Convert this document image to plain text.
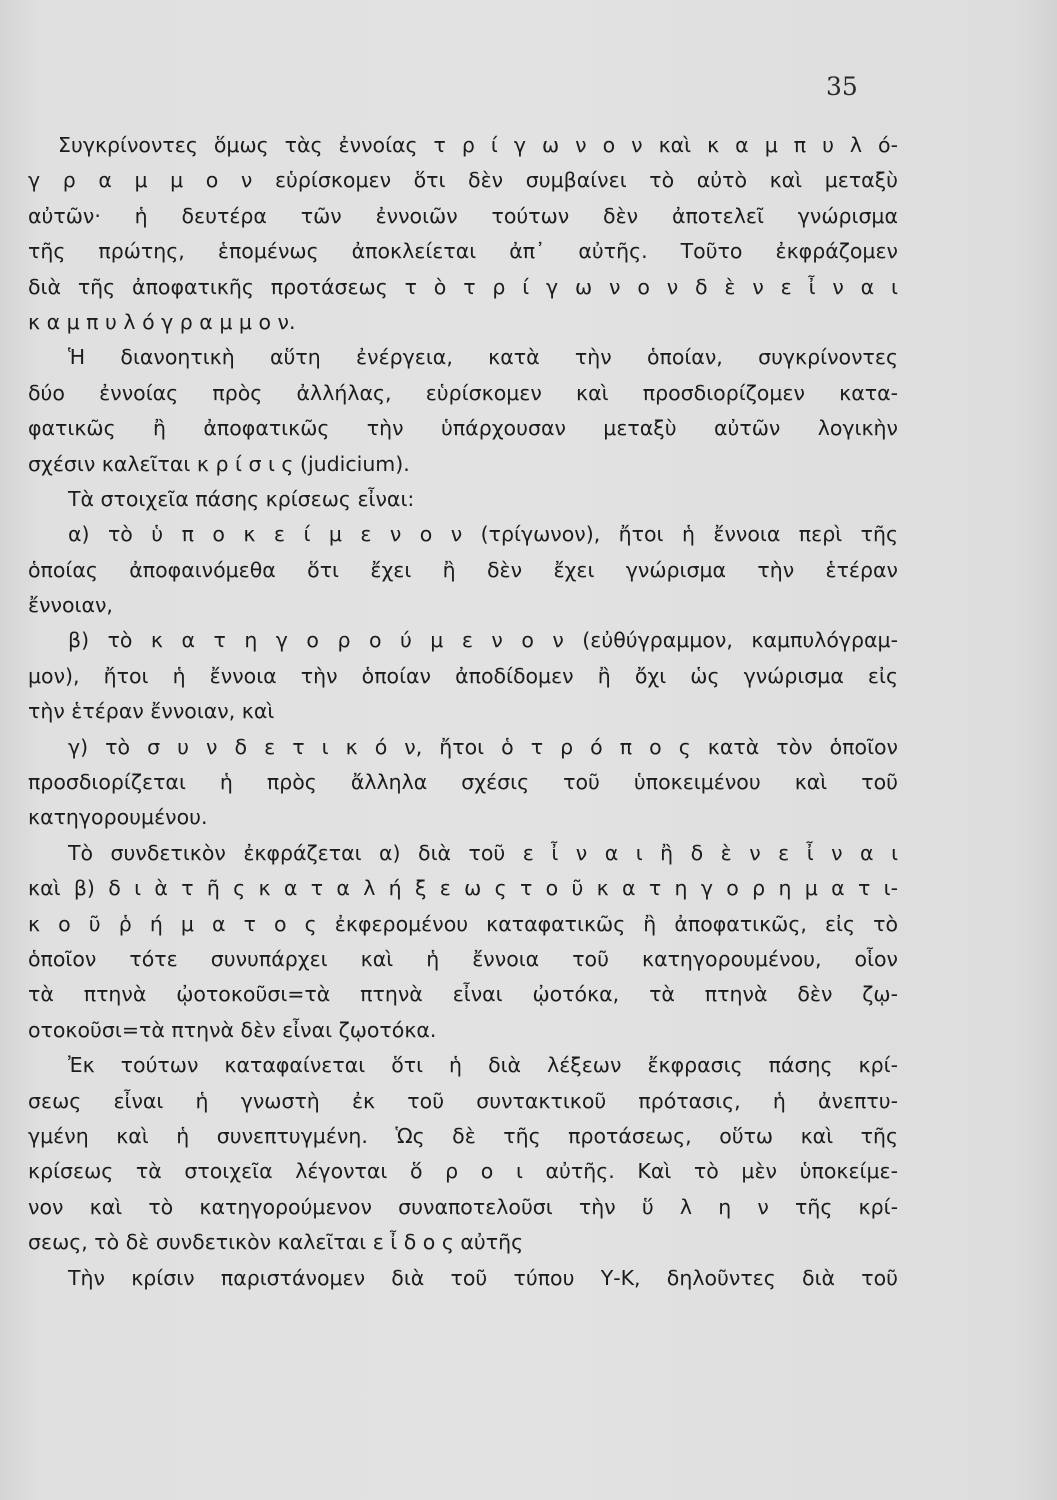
35
Συγκρίνοντες ὅμως τὰς ἐννοίας τ ρ ί γ ω ν ο ν καὶ κ α μ π υ λ ό-
γ ρ α μ μ ο ν εὑρίσκομεν ὅτι δὲν συμβαίνει τὸ αὐτὸ καὶ μεταξὺ
αὐτῶν· ἡ δευτέρα τῶν ἐννοιῶν τούτων δὲν ἀποτελεῖ γνώρισμα
τῆς πρώτης, ἑπομένως ἀποκλείεται ἀπ᾽ αὐτῆς. Τοῦτο ἐκφράζομεν
διὰ τῆς ἀποφατικῆς προτάσεως τ ὸ τ ρ ί γ ω ν ο ν δ ὲ ν ε ἶ ν α ι
κ α μ π υ λ ό γ ρ α μ μ ο ν.
Ἡ διανοητικὴ αὕτη ἐνέργεια, κατὰ τὴν ὁποίαν, συγκρίνοντες
δύο ἐννοίας πρὸς ἀλλήλας, εὑρίσκομεν καὶ προσδιορίζομεν κατα-
φατικῶς ἢ ἀποφατικῶς τὴν ὑπάρχουσαν μεταξὺ αὐτῶν λογικὴν
σχέσιν καλεῖται κ ρ ί σ ι ς (judicium).
Τὰ στοιχεῖα πάσης κρίσεως εἶναι:
α) τὸ ὑ π ο κ ε ί μ ε ν ο ν (τρίγωνον), ἤτοι ἡ ἔννοια περὶ τῆς
ὁποίας ἀποφαινόμεθα ὅτι ἔχει ἢ δὲν ἔχει γνώρισμα τὴν ἑτέραν
ἔννοιαν,
β) τὸ κ α τ η γ ο ρ ο ύ μ ε ν ο ν (εὐθύγραμμον, καμπυλόγραμ-
μον), ἤτοι ἡ ἔννοια τὴν ὁποίαν ἀποδίδομεν ἢ ὄχι ὡς γνώρισμα εἰς
τὴν ἑτέραν ἔννοιαν, καὶ
γ) τὸ σ υ ν δ ε τ ι κ ό ν, ἤτοι ὁ τ ρ ό π ο ς κατὰ τὸν ὁποῖον
προσδιορίζεται ἡ πρὸς ἄλληλα σχέσις τοῦ ὑποκειμένου καὶ τοῦ
κατηγορουμένου.
Τὸ συνδετικὸν ἐκφράζεται α) διὰ τοῦ ε ἶ ν α ι ἢ δ ὲ ν ε ἶ ν α ι
καὶ β) δ ι ὰ τ ῆ ς κ α τ α λ ή ξ ε ω ς τ ο ῦ κ α τ η γ ο ρ η μ α τ ι-
κ ο ῦ ῥ ή μ α τ ο ς ἐκφερομένου καταφατικῶς ἢ ἀποφατικῶς, εἰς τὸ
ὁποῖον τότε συνυπάρχει καὶ ἡ ἔννοια τοῦ κατηγορουμένου, οἷον
τὰ πτηνὰ ᾠοτοκοῦσι=τὰ πτηνὰ εἶναι ᾠοτόκα, τὰ πτηνὰ δὲν ζῳ-
οτοκοῦσι=τὰ πτηνὰ δὲν εἶναι ζῳοτόκα.
Ἐκ τούτων καταφαίνεται ὅτι ἡ διὰ λέξεων ἔκφρασις πάσης κρί-
σεως εἶναι ἡ γνωστὴ ἐκ τοῦ συντακτικοῦ πρότασις, ἡ ἀνεπτυ-
γμένη καὶ ἡ συνεπτυγμένη. Ὡς δὲ τῆς προτάσεως, οὕτω καὶ τῆς
κρίσεως τὰ στοιχεῖα λέγονται ὅ ρ ο ι αὐτῆς. Καὶ τὸ μὲν ὑποκείμε-
νον καὶ τὸ κατηγορούμενον συναποτελοῦσι τὴν ὕ λ η ν τῆς κρί-
σεως, τὸ δὲ συνδετικὸν καλεῖται ε ἶ δ ο ς αὐτῆς
Τὴν κρίσιν παριστάνομεν διὰ τοῦ τύπου Υ-Κ, δηλοῦντες διὰ τοῦ
